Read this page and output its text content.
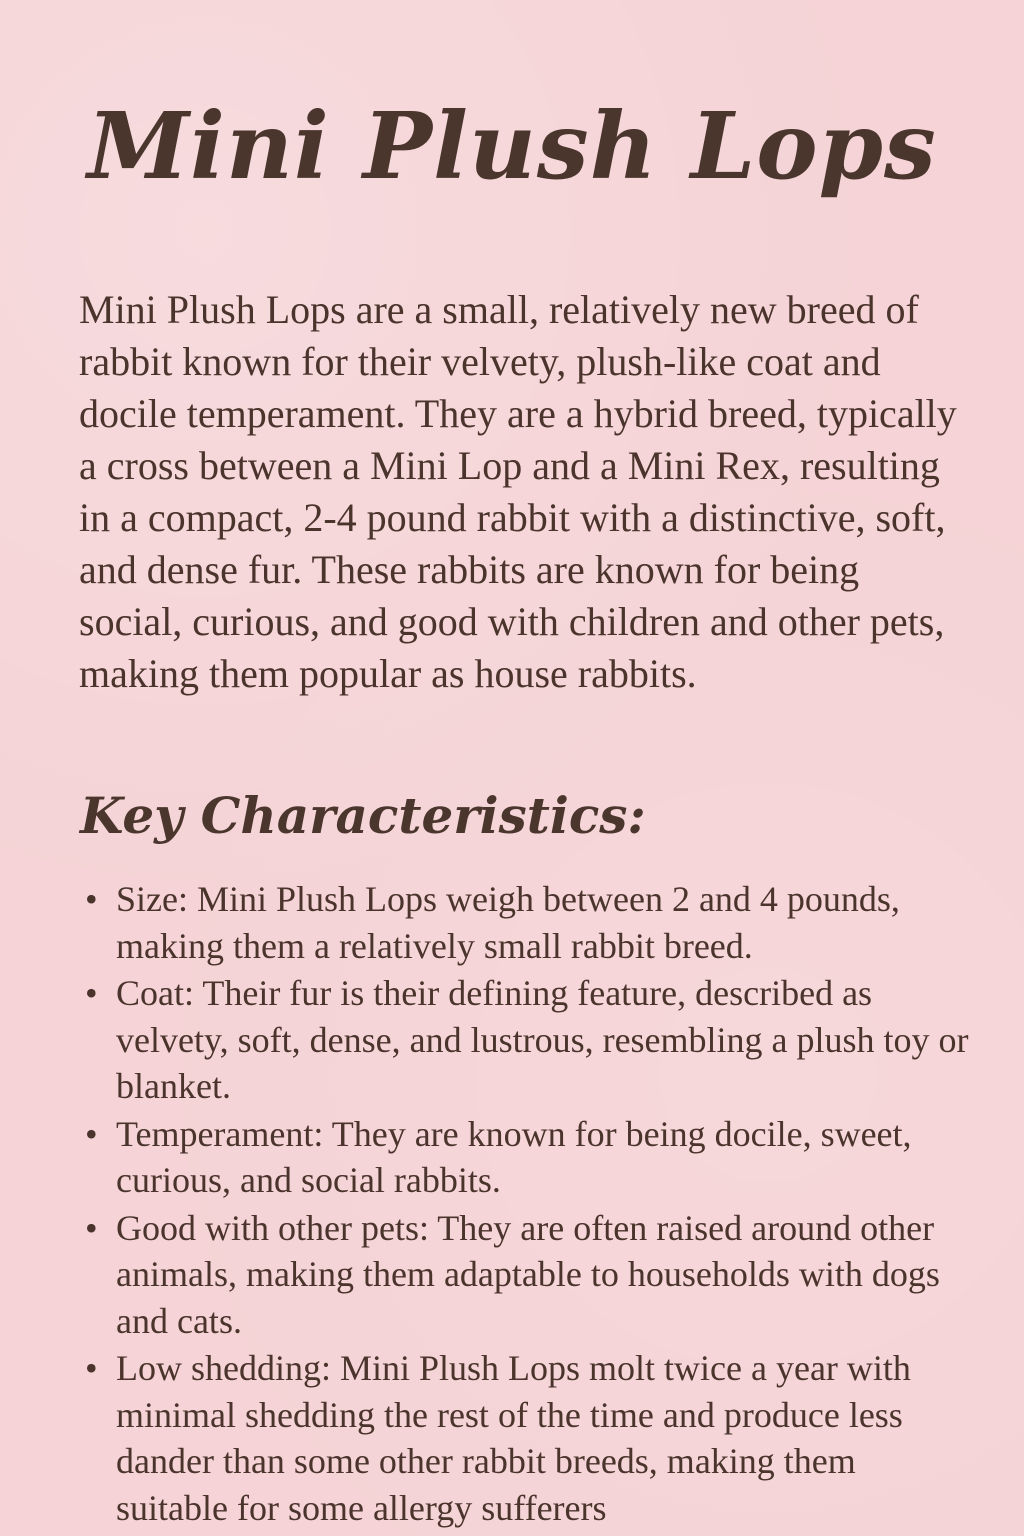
Mini Plush Lops

Mini Plush Lops are a small, relatively new breed of rabbit known for their velvety, plush-like coat and docile temperament. They are a hybrid breed, typically a cross between a Mini Lop and a Mini Rex, resulting in a compact, 2-4 pound rabbit with a distinctive, soft, and dense fur. These rabbits are known for being social, curious, and good with children and other pets, making them popular as house rabbits.

Key Characteristics:
• Size: Mini Plush Lops weigh between 2 and 4 pounds, making them a relatively small rabbit breed.
• Coat: Their fur is their defining feature, described as velvety, soft, dense, and lustrous, resembling a plush toy or blanket.
• Temperament: They are known for being docile, sweet, curious, and social rabbits.
• Good with other pets: They are often raised around other animals, making them adaptable to households with dogs and cats.
• Low shedding: Mini Plush Lops molt twice a year with minimal shedding the rest of the time and produce less dander than some other rabbit breeds, making them suitable for some allergy sufferers
